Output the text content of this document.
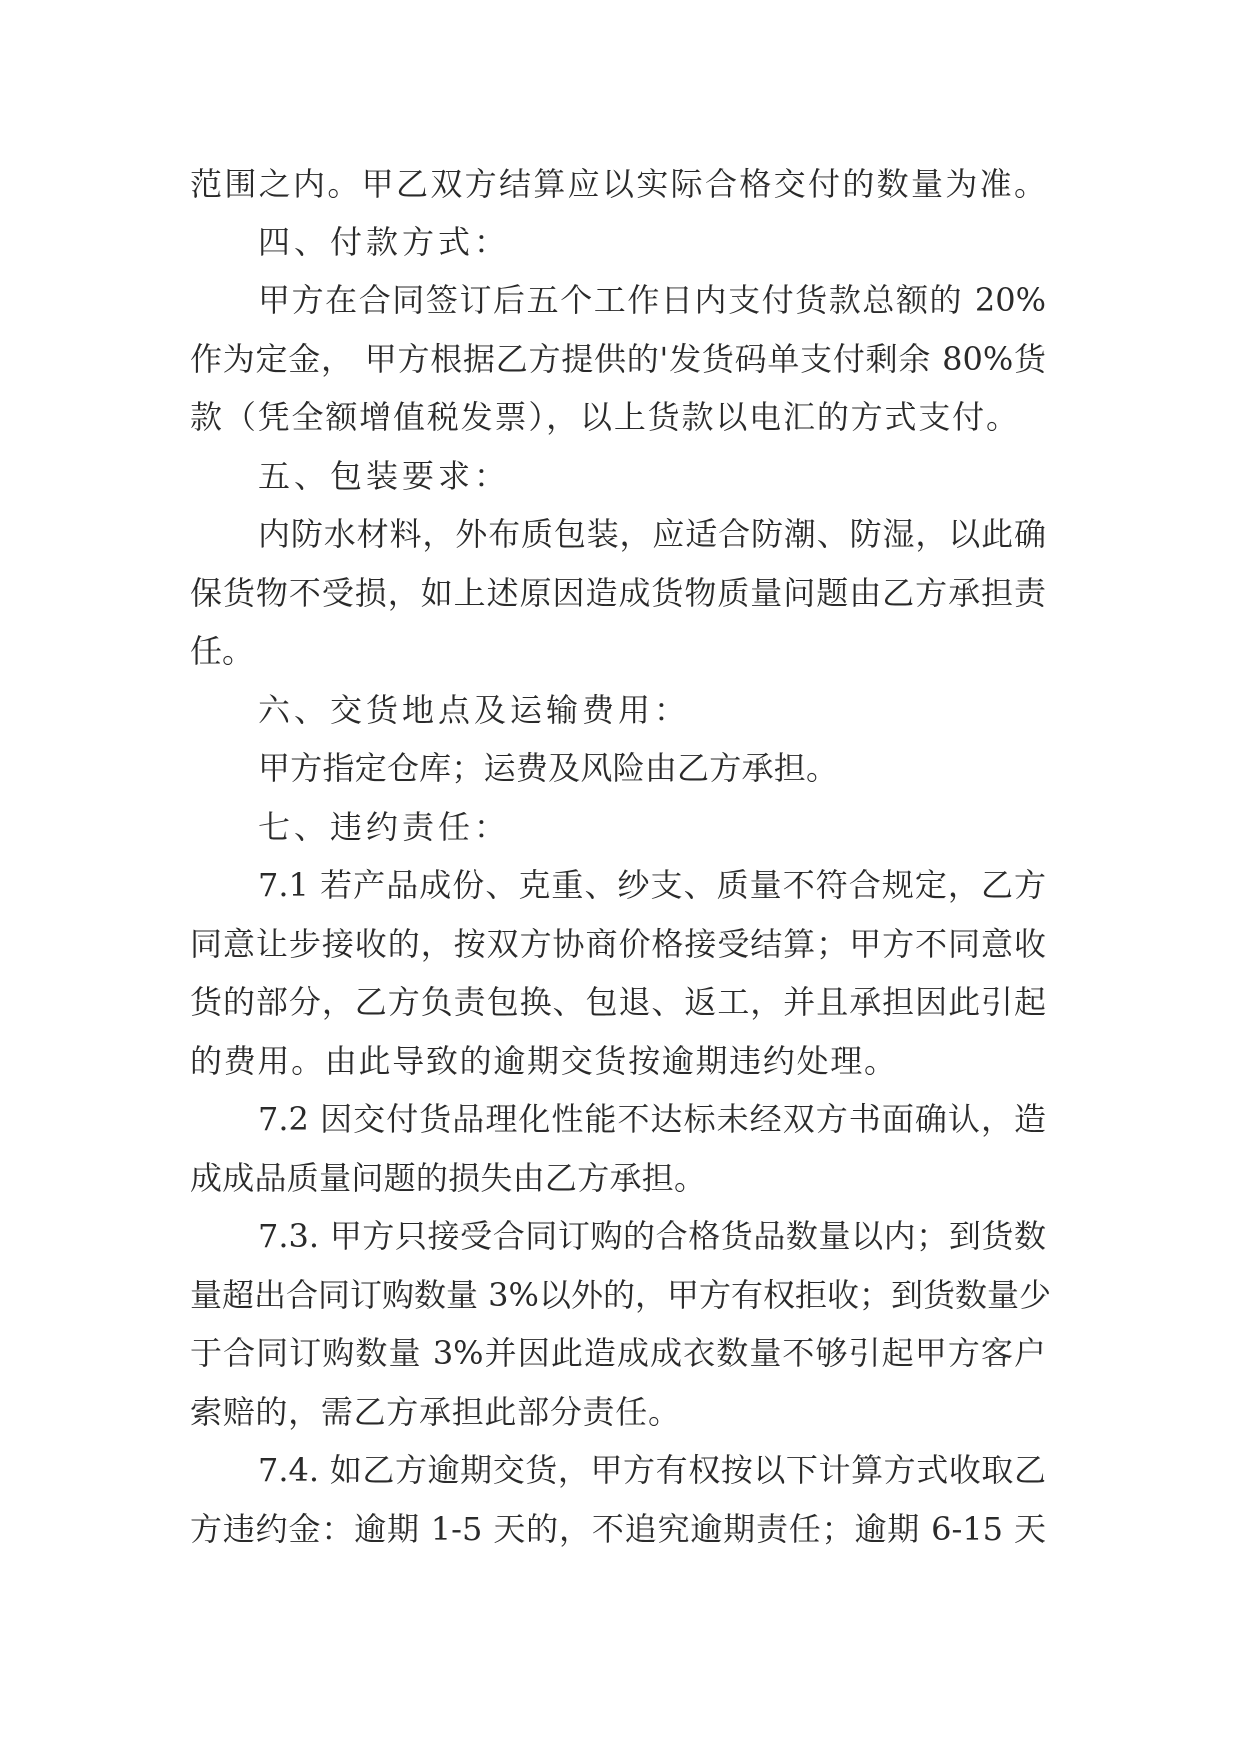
范围之内。甲乙双方结算应以实际合格交付的数量为准。

四、付款方式：

甲方在合同签订后五个工作日内支付货款总额的 20%

作为定金， 甲方根据乙方提供的'发货码单支付剩余 80%货

款（凭全额增值税发票），以上货款以电汇的方式支付。

五、包装要求：

内防水材料，外布质包装，应适合防潮、防湿，以此确

保货物不受损，如上述原因造成货物质量问题由乙方承担责

任。

六、交货地点及运输费用：

甲方指定仓库；运费及风险由乙方承担。

七、违约责任：

7.1 若产品成份、克重、纱支、质量不符合规定，乙方

同意让步接收的，按双方协商价格接受结算；甲方不同意收

货的部分，乙方负责包换、包退、返工，并且承担因此引起

的费用。由此导致的逾期交货按逾期违约处理。

7.2 因交付货品理化性能不达标未经双方书面确认，造

成成品质量问题的损失由乙方承担。

7.3. 甲方只接受合同订购的合格货品数量以内；到货数

量超出合同订购数量 3%以外的，甲方有权拒收；到货数量少

于合同订购数量 3%并因此造成成衣数量不够引起甲方客户

索赔的，需乙方承担此部分责任。

7.4. 如乙方逾期交货，甲方有权按以下计算方式收取乙

方违约金：逾期 1-5 天的，不追究逾期责任；逾期 6-15 天
